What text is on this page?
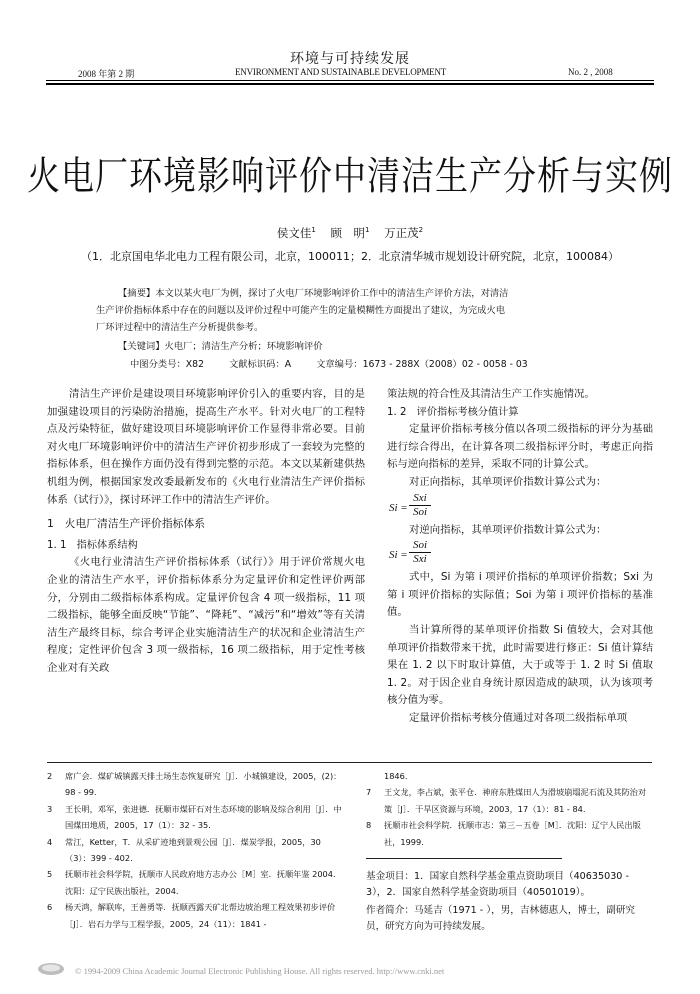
环境与可持续发展
2008 年第 2 期	ENVIRONMENT AND SUSTAINABLE DEVELOPMENT	No. 2 , 2008
火电厂环境影响评价中清洁生产分析与实例
侯文佳$^1$ 顾　明$^1$ 万正茂$^2$
（1．北京国电华北电力工程有限公司，北京，100011；2．北京清华城市规划设计研究院，北京，100084）

【摘要】本文以某火电厂为例，探讨了火电厂环境影响评价工作中的清洁生产评价方法，对清洁

生产评价指标体系中存在的问题以及评价过程中可能产生的定量模糊性方面提出了建议，为完成火电

厂环评过程中的清洁生产分析提供参考。

【关键词】火电厂；清洁生产分析；环境影响评价
中图分类号：X82	文献标识码：A	文章编号：1673 - 288X（2008）02 - 0058 - 03

清洁生产评价是建设项目环境影响评价引入的重要内容，目的是加强建设项目的污染防治措施，提高生产水平。针对火电厂的工程特点及污染特征，做好建设项目环境影响评价工作显得非常必要。目前对火电厂环境影响评价中的清洁生产评价初步形成了一套较为完整的指标体系，但在操作方面仍没有得到完整的示范。本文以某新建供热机组为例，根据国家发改委最新发布的《火电行业清洁生产评价指标体系（试行）》，探讨环评工作中的清洁生产评价。

1　火电厂清洁生产评价指标体系

1. 1　指标体系结构

《火电行业清洁生产评价指标体系（试行）》用于评价常规火电企业的清洁生产水平，评价指标体系分为定量评价和定性评价两部分，分别由二级指标体系构成。定量评价包含 4 项一级指标，11 项二级指标，能够全面反映“节能”、“降耗”、“减污”和“增效”等有关清洁生产最终目标，综合考评企业实施清洁生产的状况和企业清洁生产程度；定性评价包含 3 项一级指标，16 项二级指标，用于定性考核企业对有关政

策法规的符合性及其清洁生产工作实施情况。

1. 2　评价指标考核分值计算

定量评价指标考核分值以各项二级指标的评分为基础进行综合得出，在计算各项二级指标评分时，考虑正向指标与逆向指标的差异，采取不同的计算公式。

对正向指标，其单项评价指数计算公式为：

Si =
Sxi
Soi

对逆向指标，其单项评价指数计算公式为：

Si =
Soi
Sxi

式中，Si 为第 i 项评价指标的单项评价指数；Sxi 为第 i 项评价指标的实际值；Soi 为第 i 项评价指标的基准值。

当计算所得的某单项评价指数 Si 值较大，会对其他单项评价指数带来干扰，此时需要进行修正：Si 值计算结果在 1. 2 以下时取计算值，大于或等于 1. 2 时 Si 值取 1. 2。对于因企业自身统计原因造成的缺项，认为该项考核分值为零。

定量评价指标考核分值通过对各项二级指标单项

2 席广会．煤矿城镇露天排土场生态恢复研究［J］．小城镇建设，2005，(2)：98 - 99.
3 王长明，邓军，张进德．抚顺市煤矸石对生态环境的影响及综合利用［J］．中国煤田地质，2005，17（1）：32 - 35.
4 常江，Ketter，T．从采矿迹地到景观公园［J］．煤炭学报，2005，30（3）：399 - 402.
5 抚顺市社会科学院，抚顺市人民政府地方志办公［M］室．抚顺年鉴 2004．沈阳：辽宁民族出版社，2004.
6 杨天鸿，解联库，王善勇等．抚顺西露天矿北帮边坡治理工程效果初步评价［J］．岩石力学与工程学报，2005，24（11）：1841 -
1846.
7 王文龙，李占斌，张平仓．神府东胜煤田人为滑坡崩塌泥石流及其防治对策［J］．干旱区资源与环境，2003，17（1）：81 - 84.
8 抚顺市社会科学院．抚顺市志：第三－五卷［M］．沈阳：辽宁人民出版社，1999.

基金项目：1．国家自然科学基金重点资助项目（40635030 - 3），2．国家自然科学基金资助项目（40501019）。

作者简介：马延吉（1971 - ），男，吉林德惠人，博士，副研究员，研究方向为可持续发展。

© 1994-2009 China Academic Journal Electronic Publishing House. All rights reserved. http://www.cnki.net
